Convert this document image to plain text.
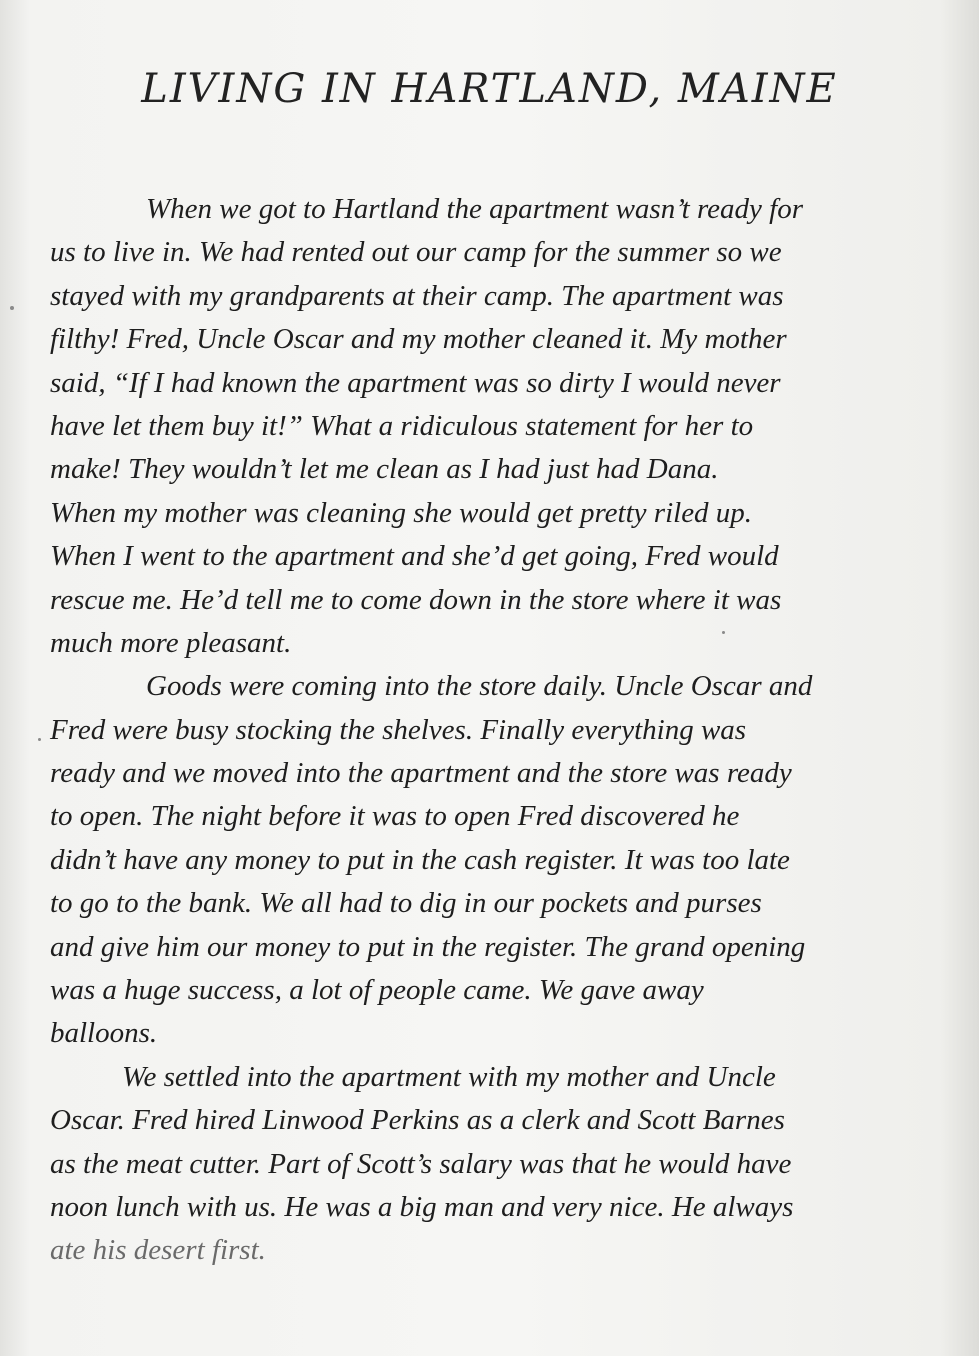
LIVING IN HARTLAND, MAINE
When we got to Hartland the apartment wasn’t ready for
us to live in. We had rented out our camp for the summer so we
stayed with my grandparents at their camp. The apartment was
filthy! Fred, Uncle Oscar and my mother cleaned it. My mother
said, “If I had known the apartment was so dirty I would never
have let them buy it!” What a ridiculous statement for her to
make! They wouldn’t let me clean as I had just had Dana.
When my mother was cleaning she would get pretty riled up.
When I went to the apartment and she’d get going, Fred would
rescue me. He’d tell me to come down in the store where it was
much more pleasant.
Goods were coming into the store daily. Uncle Oscar and
Fred were busy stocking the shelves. Finally everything was
ready and we moved into the apartment and the store was ready
to open. The night before it was to open Fred discovered he
didn’t have any money to put in the cash register. It was too late
to go to the bank. We all had to dig in our pockets and purses
and give him our money to put in the register. The grand opening
was a huge success, a lot of people came. We gave away
balloons.
We settled into the apartment with my mother and Uncle
Oscar. Fred hired Linwood Perkins as a clerk and Scott Barnes
as the meat cutter. Part of Scott’s salary was that he would have
noon lunch with us. He was a big man and very nice. He always
ate his desert first.
